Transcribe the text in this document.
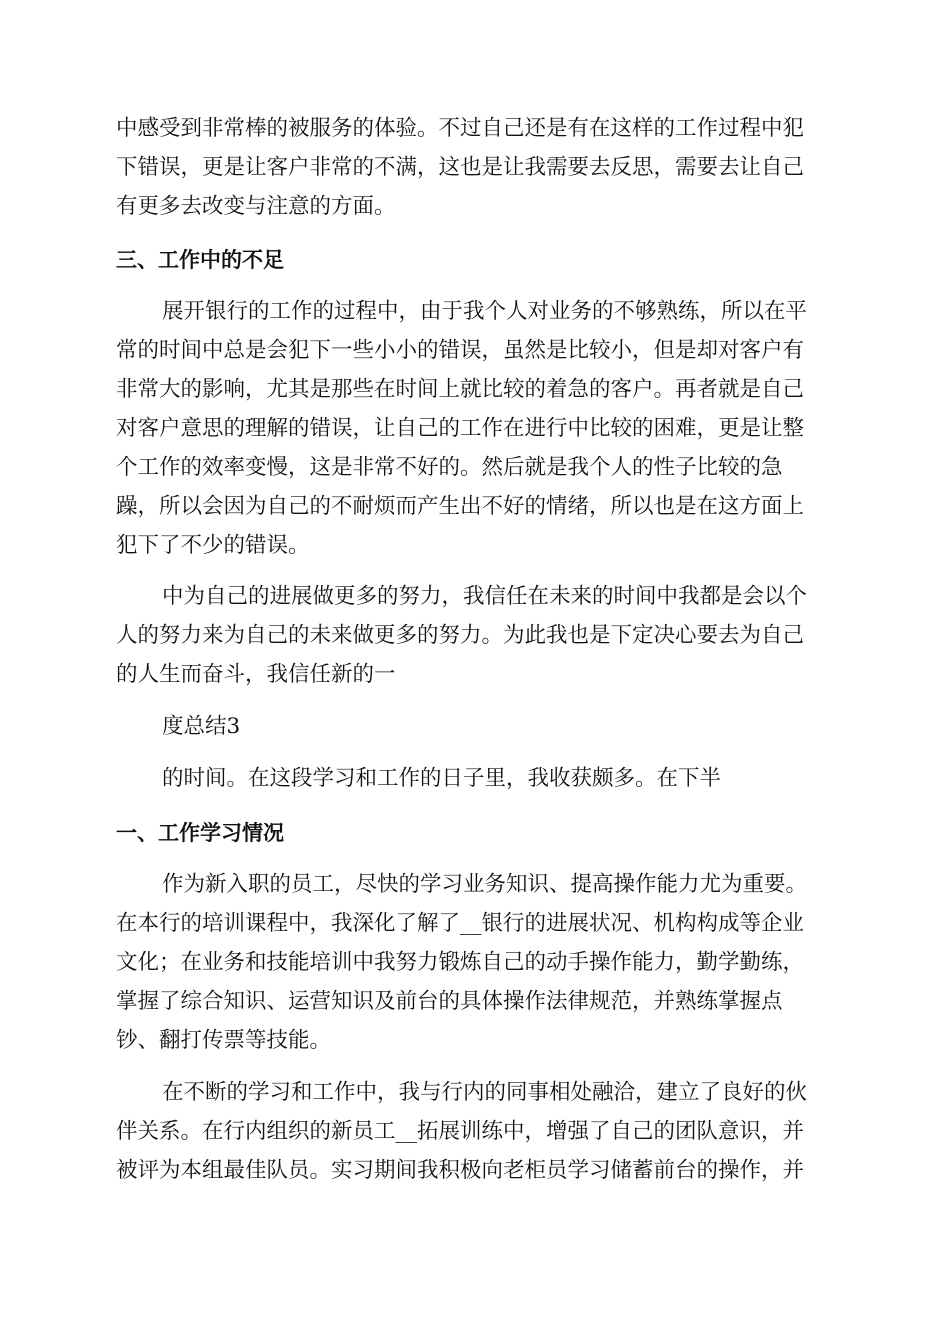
中感受到非常棒的被服务的体验。不过自己还是有在这样的工作过程中犯
下错误，更是让客户非常的不满，这也是让我需要去反思，需要去让自己
有更多去改变与注意的方面。
三、工作中的不足
展开银行的工作的过程中，由于我个人对业务的不够熟练，所以在平
常的时间中总是会犯下一些小小的错误，虽然是比较小，但是却对客户有
非常大的影响，尤其是那些在时间上就比较的着急的客户。再者就是自己
对客户意思的理解的错误，让自己的工作在进行中比较的困难，更是让整
个工作的效率变慢，这是非常不好的。然后就是我个人的性子比较的急
躁，所以会因为自己的不耐烦而产生出不好的情绪，所以也是在这方面上
犯下了不少的错误。
中为自己的进展做更多的努力，我信任在未来的时间中我都是会以个
人的努力来为自己的未来做更多的努力。为此我也是下定决心要去为自己
的人生而奋斗，我信任新的一
度总结3
的时间。在这段学习和工作的日子里，我收获颇多。在下半
一、工作学习情况
作为新入职的员工，尽快的学习业务知识、提高操作能力尤为重要。
在本行的培训课程中，我深化了解了__银行的进展状况、机构构成等企业
文化；在业务和技能培训中我努力锻炼自己的动手操作能力，勤学勤练，
掌握了综合知识、运营知识及前台的具体操作法律规范，并熟练掌握点
钞、翻打传票等技能。
在不断的学习和工作中，我与行内的同事相处融洽，建立了良好的伙
伴关系。在行内组织的新员工__拓展训练中，增强了自己的团队意识，并
被评为本组最佳队员。实习期间我积极向老柜员学习储蓄前台的操作，并
